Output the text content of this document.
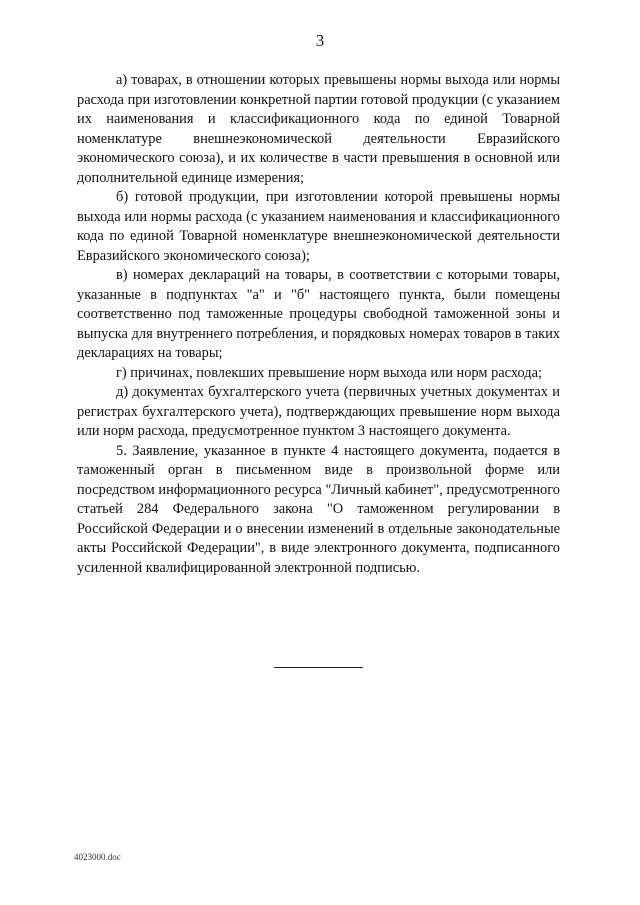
3

а) товарах, в отношении которых превышены нормы выхода или нормы расхода при изготовлении конкретной партии готовой продукции (с указанием их наименования и классификационного кода по единой Товарной номенклатуре внешнеэкономической деятельности Евразийского экономического союза), и их количестве в части превышения в основной или дополнительной единице измерения;

б) готовой продукции, при изготовлении которой превышены нормы выхода или нормы расхода (с указанием наименования и классификационного кода по единой Товарной номенклатуре внешнеэкономической деятельности Евразийского экономического союза);

в) номерах деклараций на товары, в соответствии с которыми товары, указанные в подпунктах "а" и "б" настоящего пункта, были помещены соответственно под таможенные процедуры свободной таможенной зоны и выпуска для внутреннего потребления, и порядковых номерах товаров в таких декларациях на товары;

г) причинах, повлекших превышение норм выхода или норм расхода;

д) документах бухгалтерского учета (первичных учетных документах и регистрах бухгалтерского учета), подтверждающих превышение норм выхода или норм расхода, предусмотренное пунктом 3 настоящего документа.

5. Заявление, указанное в пункте 4 настоящего документа, подается в таможенный орган в письменном виде в произвольной форме или посредством информационного ресурса "Личный кабинет", предусмотренного статьей 284 Федерального закона "О таможенном регулировании в Российской Федерации и о внесении изменений в отдельные законодательные акты Российской Федерации", в виде электронного документа, подписанного усиленной квалифицированной электронной подписью.

4023000.doc
